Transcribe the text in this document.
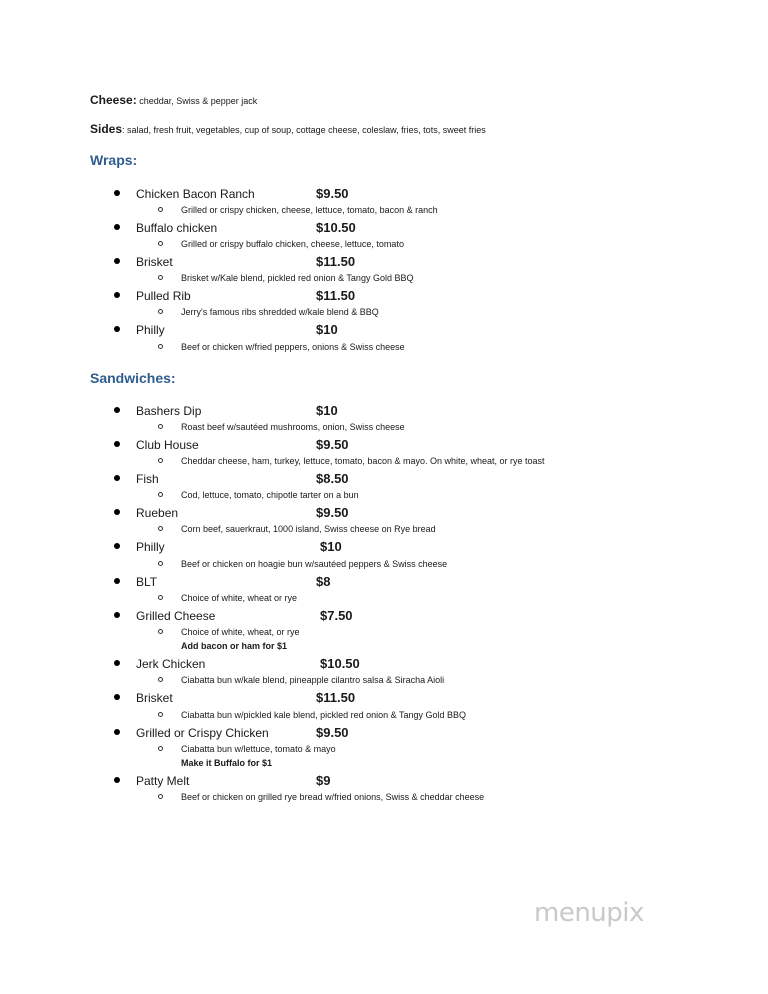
Cheese: cheddar, Swiss & pepper jack
Sides: salad, fresh fruit, vegetables, cup of soup, cottage cheese, coleslaw, fries, tots, sweet fries
Wraps:
Chicken Bacon Ranch	$9.50
Grilled or crispy chicken, cheese, lettuce, tomato, bacon & ranch
Buffalo chicken	$10.50
Grilled or crispy buffalo chicken, cheese, lettuce, tomato
Brisket	$11.50
Brisket w/Kale blend, pickled red onion & Tangy Gold BBQ
Pulled Rib	$11.50
Jerry's famous ribs shredded w/kale blend & BBQ
Philly	$10
Beef or chicken w/fried peppers, onions & Swiss cheese
Sandwiches:
Bashers Dip	$10
Roast beef w/sautéed mushrooms, onion, Swiss cheese
Club House	$9.50
Cheddar cheese, ham, turkey, lettuce, tomato, bacon & mayo. On white, wheat, or rye toast
Fish	$8.50
Cod, lettuce, tomato, chipotle tarter on a bun
Rueben	$9.50
Corn beef, sauerkraut, 1000 island, Swiss cheese on Rye bread
Philly	$10
Beef or chicken on hoagie bun w/sautéed peppers & Swiss cheese
BLT	$8
Choice of white, wheat or rye
Grilled Cheese	$7.50
Choice of white, wheat, or rye
Add bacon or ham for $1
Jerk Chicken	$10.50
Ciabatta bun w/kale blend, pineapple cilantro salsa & Siracha Aioli
Brisket	$11.50
Ciabatta bun w/pickled kale blend, pickled red onion & Tangy Gold BBQ
Grilled or Crispy Chicken	$9.50
Ciabatta bun w/lettuce, tomato & mayo
Make it Buffalo for $1
Patty Melt	$9
Beef or chicken on grilled rye bread w/fried onions, Swiss & cheddar cheese
menupix
